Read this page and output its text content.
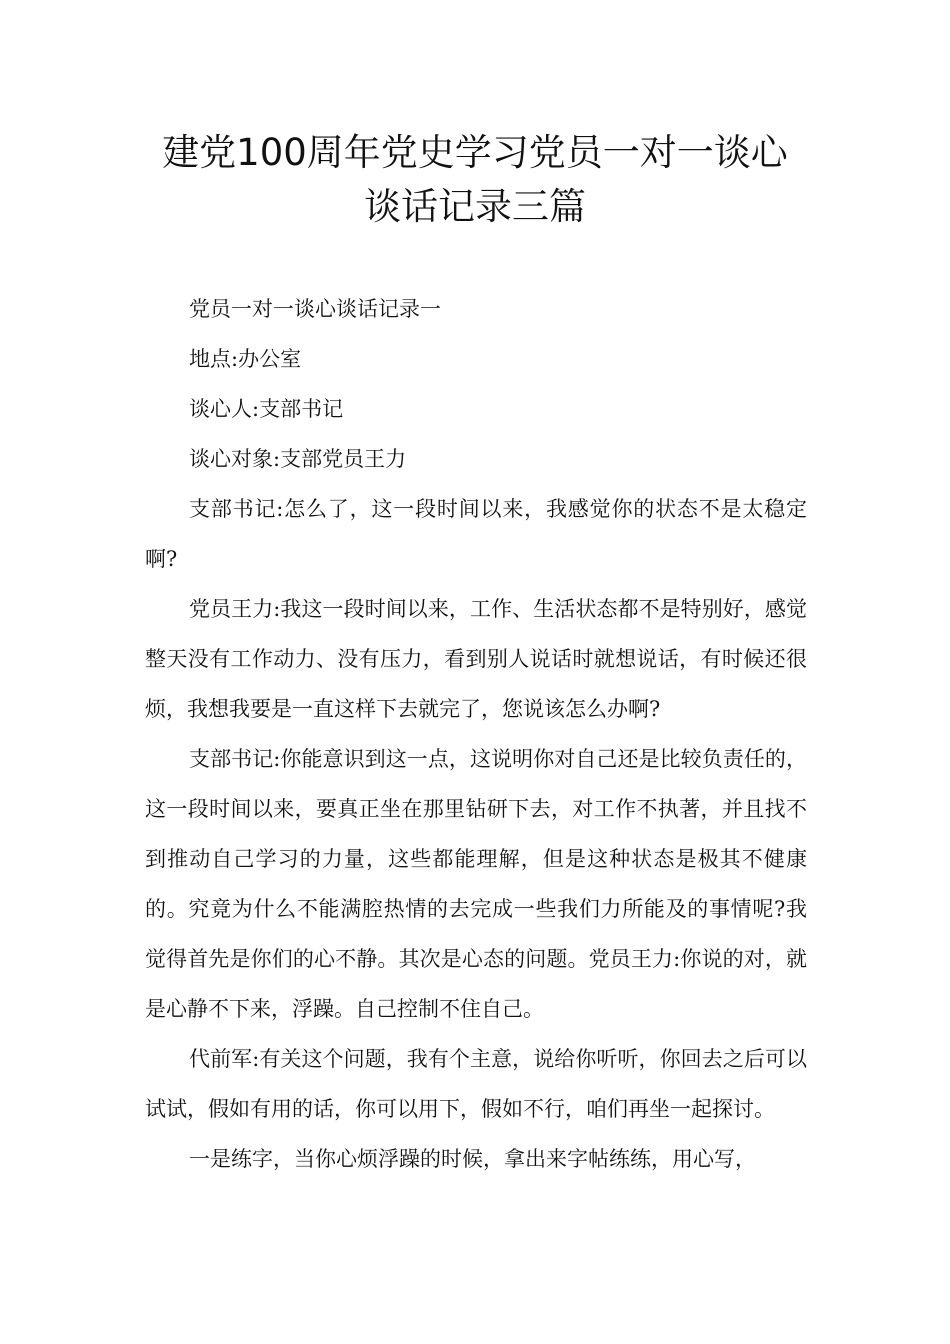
建党100周年党史学习党员一对一谈心
谈话记录三篇

党员一对一谈心谈话记录一

地点:办公室

谈心人:支部书记

谈心对象:支部党员王力

支部书记:怎么了，这一段时间以来，我感觉你的状态不是太稳定啊?

党员王力:我这一段时间以来，工作、生活状态都不是特别好，感觉整天没有工作动力、没有压力，看到别人说话时就想说话，有时候还很烦，我想我要是一直这样下去就完了，您说该怎么办啊?

支部书记:你能意识到这一点，这说明你对自己还是比较负责任的，这一段时间以来，要真正坐在那里钻研下去，对工作不执著，并且找不到推动自己学习的力量，这些都能理解，但是这种状态是极其不健康的。究竟为什么不能满腔热情的去完成一些我们力所能及的事情呢?我觉得首先是你们的心不静。其次是心态的问题。党员王力:你说的对，就是心静不下来，浮躁。自己控制不住自己。

代前军:有关这个问题，我有个主意，说给你听听，你回去之后可以试试，假如有用的话，你可以用下，假如不行，咱们再坐一起探讨。

一是练字，当你心烦浮躁的时候，拿出来字帖练练，用心写，
